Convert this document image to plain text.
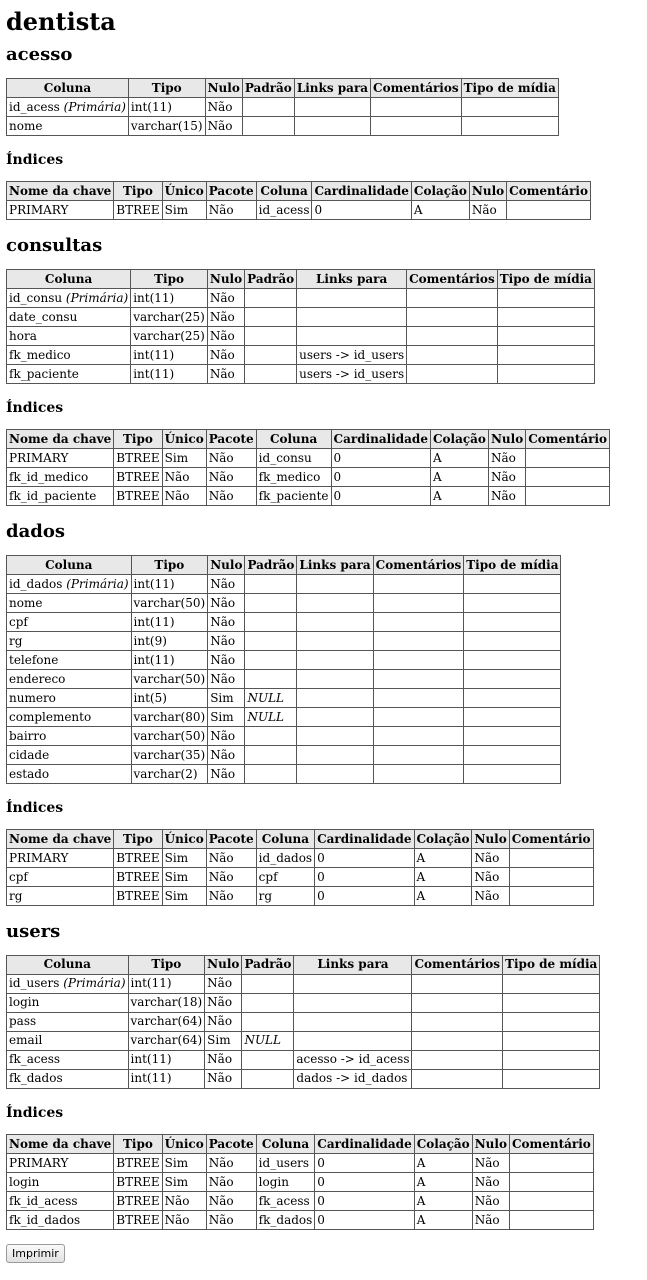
dentista
acesso
Coluna	Tipo	Nulo	Padrão	Links para	Comentários	Tipo de mídia
id_acess (Primária)	int(11)	Não				
nome	varchar(15)	Não				
Índices
Nome da chave	Tipo	Único	Pacote	Coluna	Cardinalidade	Colação	Nulo	Comentário
PRIMARY	BTREE	Sim	Não	id_acess	0	A	Não	
consultas
Coluna	Tipo	Nulo	Padrão	Links para	Comentários	Tipo de mídia
id_consu (Primária)	int(11)	Não				
date_consu	varchar(25)	Não				
hora	varchar(25)	Não				
fk_medico	int(11)	Não		users -> id_users		
fk_paciente	int(11)	Não		users -> id_users		
Índices
Nome da chave	Tipo	Único	Pacote	Coluna	Cardinalidade	Colação	Nulo	Comentário
PRIMARY	BTREE	Sim	Não	id_consu	0	A	Não	
fk_id_medico	BTREE	Não	Não	fk_medico	0	A	Não	
fk_id_paciente	BTREE	Não	Não	fk_paciente	0	A	Não	
dados
Coluna	Tipo	Nulo	Padrão	Links para	Comentários	Tipo de mídia
id_dados (Primária)	int(11)	Não				
nome	varchar(50)	Não				
cpf	int(11)	Não				
rg	int(9)	Não				
telefone	int(11)	Não				
endereco	varchar(50)	Não				
numero	int(5)	Sim	NULL			
complemento	varchar(80)	Sim	NULL			
bairro	varchar(50)	Não				
cidade	varchar(35)	Não				
estado	varchar(2)	Não				
Índices
Nome da chave	Tipo	Único	Pacote	Coluna	Cardinalidade	Colação	Nulo	Comentário
PRIMARY	BTREE	Sim	Não	id_dados	0	A	Não	
cpf	BTREE	Sim	Não	cpf	0	A	Não	
rg	BTREE	Sim	Não	rg	0	A	Não	
users
Coluna	Tipo	Nulo	Padrão	Links para	Comentários	Tipo de mídia
id_users (Primária)	int(11)	Não				
login	varchar(18)	Não				
pass	varchar(64)	Não				
email	varchar(64)	Sim	NULL			
fk_acess	int(11)	Não		acesso -> id_acess		
fk_dados	int(11)	Não		dados -> id_dados		
Índices
Nome da chave	Tipo	Único	Pacote	Coluna	Cardinalidade	Colação	Nulo	Comentário
PRIMARY	BTREE	Sim	Não	id_users	0	A	Não	
login	BTREE	Sim	Não	login	0	A	Não	
fk_id_acess	BTREE	Não	Não	fk_acess	0	A	Não	
fk_id_dados	BTREE	Não	Não	fk_dados	0	A	Não	
Imprimir
